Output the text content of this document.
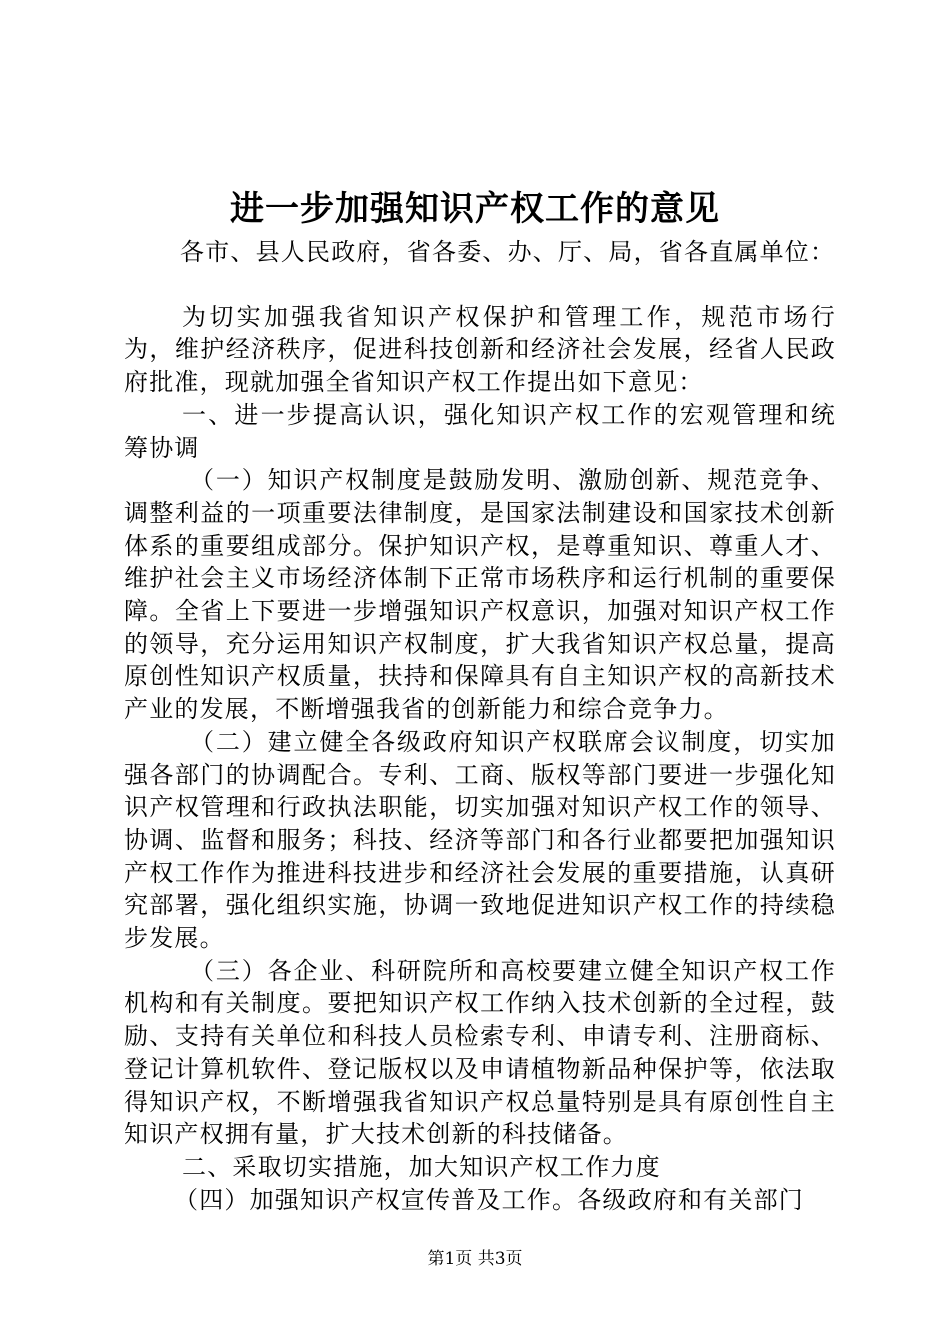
进一步加强知识产权工作的意见

各市、县人民政府，省各委、办、厅、局，省各直属单位：

为切实加强我省知识产权保护和管理工作，规范市场行为，维护经济秩序，促进科技创新和经济社会发展，经省人民政府批准，现就加强全省知识产权工作提出如下意见：

一、进一步提高认识，强化知识产权工作的宏观管理和统筹协调

（一）知识产权制度是鼓励发明、激励创新、规范竞争、调整利益的一项重要法律制度，是国家法制建设和国家技术创新体系的重要组成部分。保护知识产权，是尊重知识、尊重人才、维护社会主义市场经济体制下正常市场秩序和运行机制的重要保障。全省上下要进一步增强知识产权意识，加强对知识产权工作的领导，充分运用知识产权制度，扩大我省知识产权总量，提高原创性知识产权质量，扶持和保障具有自主知识产权的高新技术产业的发展，不断增强我省的创新能力和综合竞争力。

（二）建立健全各级政府知识产权联席会议制度，切实加强各部门的协调配合。专利、工商、版权等部门要进一步强化知识产权管理和行政执法职能，切实加强对知识产权工作的领导、协调、监督和服务；科技、经济等部门和各行业都要把加强知识产权工作作为推进科技进步和经济社会发展的重要措施，认真研究部署，强化组织实施，协调一致地促进知识产权工作的持续稳步发展。

（三）各企业、科研院所和高校要建立健全知识产权工作机构和有关制度。要把知识产权工作纳入技术创新的全过程，鼓励、支持有关单位和科技人员检索专利、申请专利、注册商标、登记计算机软件、登记版权以及申请植物新品种保护等，依法取得知识产权，不断增强我省知识产权总量特别是具有原创性自主知识产权拥有量，扩大技术创新的科技储备。

二、采取切实措施，加大知识产权工作力度

（四）加强知识产权宣传普及工作。各级政府和有关部门

第1页 共3页
